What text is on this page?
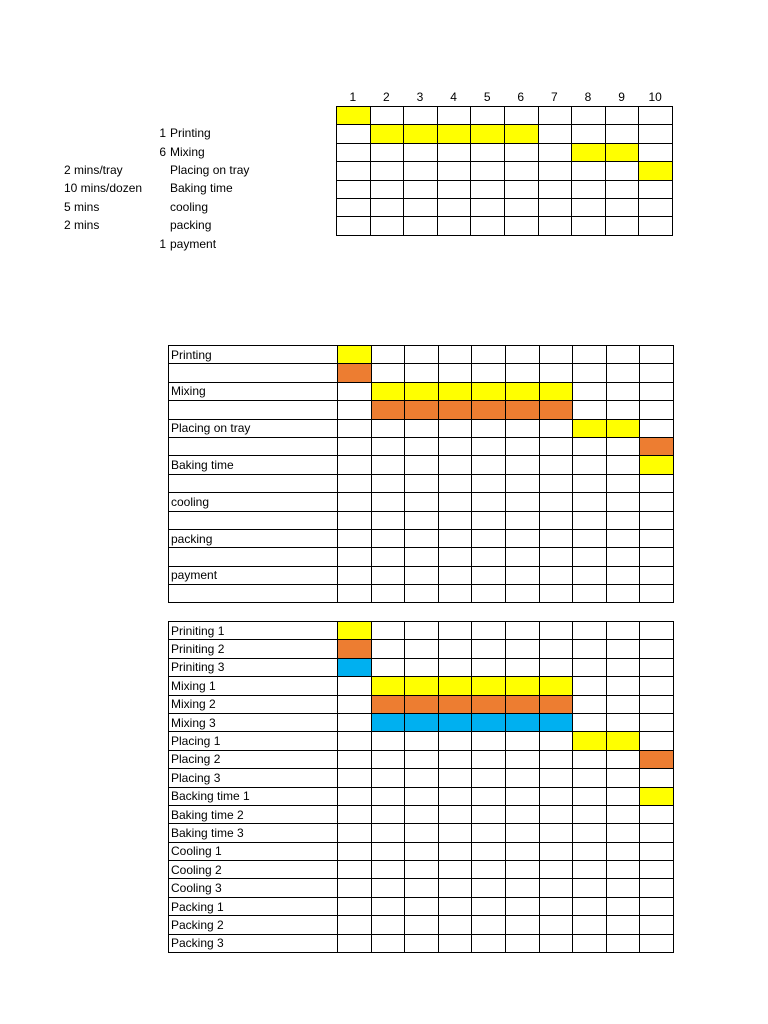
1	2	3	4	5	6	7	8	9	10
1 Printing
6 Mixing
2 mins/tray	Placing on tray
10 mins/dozen Baking time
5 mins	cooling
2 mins	packing
1 payment

Printing										

Mixing										

Placing on tray										

Baking time										

cooling										

packing										

payment										

Priniting 1										
Priniting 2										
Priniting 3										
Mixing 1										
Mixing 2										
Mixing 3										
Placing 1										
Placing 2										
Placing 3										
Backing time 1										
Baking time 2										
Baking time 3										
Cooling 1										
Cooling 2										
Cooling 3										
Packing 1										
Packing 2										
Packing 3										
